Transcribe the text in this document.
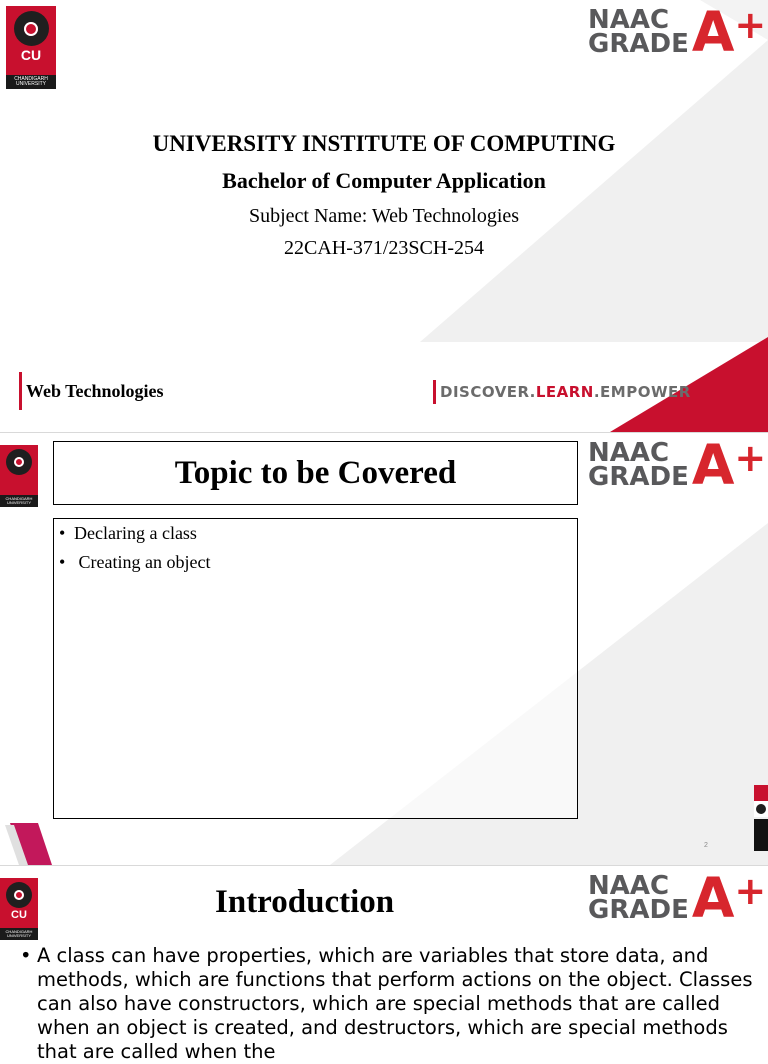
CU
CHANDIGARH
UNIVERSITY
NAAC
GRADE A +
UNIVERSITY INSTITUTE OF COMPUTING
Bachelor of Computer Application
Subject Name: Web Technologies
22CAH-371/23SCH-254
Web Technologies	DISCOVER . LEARN . EMPOWER
CHANDIGARH
UNIVERSITY
NAAC
GRADE A +
Topic to be Covered
• Declaring a class
• Creating an object
2
CU
CHANDIGARH
UNIVERSITY
NAAC
GRADE A +
Introduction
• A class can have properties, which are variables that store data, and methods, which are functions that perform actions on the object. Classes can also have constructors, which are special methods that are called when an object is created, and destructors, which are special methods that are called when the
